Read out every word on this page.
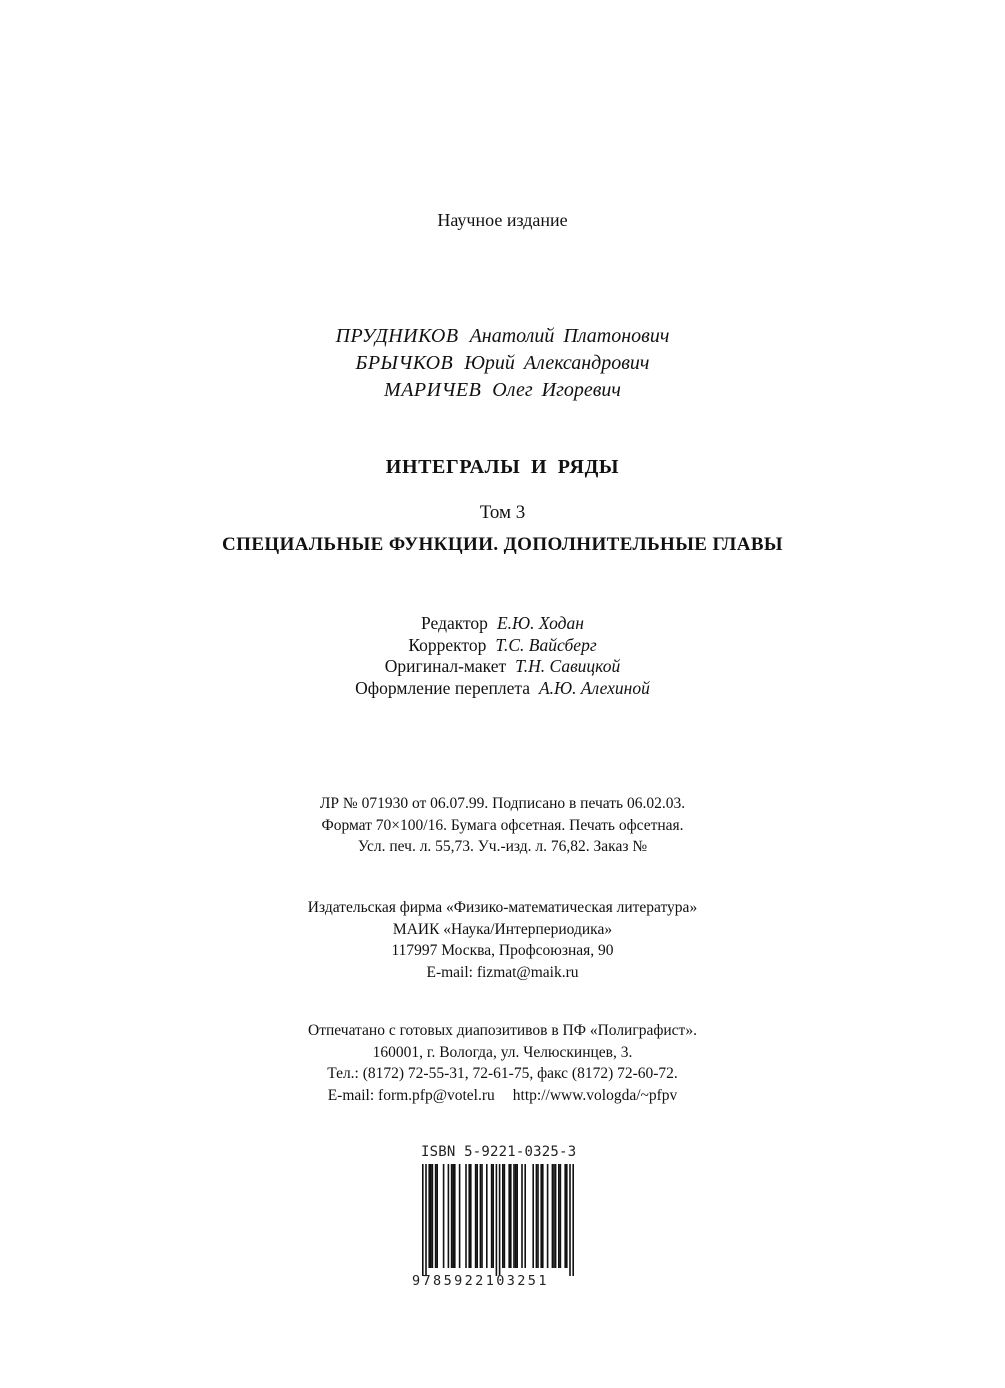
Научное издание
ПРУДНИКОВ Анатолий Платонович
БРЫЧКОВ Юрий Александрович
МАРИЧЕВ Олег Игоревич
ИНТЕГРАЛЫ И РЯДЫ
Том 3
СПЕЦИАЛЬНЫЕ ФУНКЦИИ. ДОПОЛНИТЕЛЬНЫЕ ГЛАВЫ
Редактор Е.Ю. Ходан
Корректор Т.С. Вайсберг
Оригинал-макет Т.Н. Савицкой
Оформление переплета А.Ю. Алехиной
ЛР № 071930 от 06.07.99. Подписано в печать 06.02.03.
Формат 70×100/16. Бумага офсетная. Печать офсетная.
Усл. печ. л. 55,73. Уч.-изд. л. 76,82. Заказ №
Издательская фирма «Физико-математическая литература»
МАИК «Наука/Интерпериодика»
117997 Москва, Профсоюзная, 90
E-mail: fizmat@maik.ru
Отпечатано с готовых диапозитивов в ПФ «Полиграфист».
160001, г. Вологда, ул. Челюскинцев, 3.
Тел.: (8172) 72-55-31, 72-61-75, факс (8172) 72-60-72.
E-mail: form.pfp@votel.ru http://www.vologda/~pfpv
ISBN 5-9221-0325-3
9785922103251
